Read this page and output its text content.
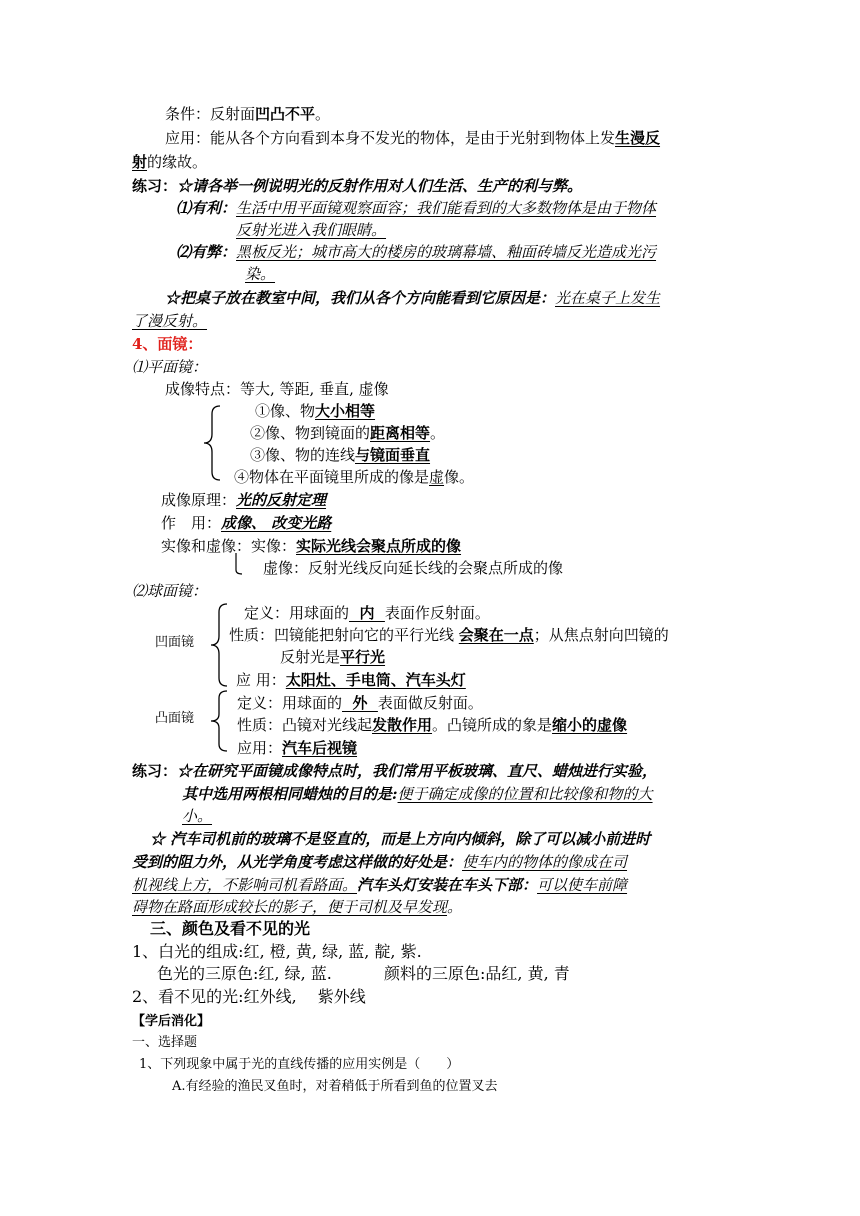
条件：反射面凹凸不平。
应用：能从各个方向看到本身不发光的物体，是由于光射到物体上发生漫反
射的缘故。
练习：☆请各举一例说明光的反射作用对人们生活、生产的利与弊。
⑴有利：生活中用平面镜观察面容；我们能看到的大多数物体是由于物体
反射光进入我们眼睛。
⑵有弊：黑板反光；城市高大的楼房的玻璃幕墙、釉面砖墙反光造成光污
染。
☆把桌子放在教室中间，我们从各个方向能看到它原因是：光在桌子上发生
了漫反射。
4、面镜：
⑴平面镜：
成像特点：等大, 等距, 垂直, 虚像
①像、物大小相等
②像、物到镜面的距离相等。
③像、物的连线与镜面垂直
④物体在平面镜里所成的像是虚像。
成像原理：光的反射定理
作　用：成像、 改变光路
实像和虚像：实像：实际光线会聚点所成的像
虚像：反射光线反向延长线的会聚点所成的像
⑵球面镜：
凹面镜
定义：用球面的  内  表面作反射面。
性质：凹镜能把射向它的平行光线 会聚在一点；从焦点射向凹镜的
反射光是平行光
应 用：太阳灶、手电筒、汽车头灯
凸面镜
定义：用球面的  外  表面做反射面。
性质：凸镜对光线起发散作用。凸镜所成的象是缩小的虚像
应用：汽车后视镜
练习：☆在研究平面镜成像特点时，我们常用平板玻璃、直尺、蜡烛进行实验，
其中选用两根相同蜡烛的目的是:便于确定成像的位置和比较像和物的大
小。
☆ 汽车司机前的玻璃不是竖直的，而是上方向内倾斜，除了可以减小前进时
受到的阻力外，从光学角度考虑这样做的好处是：使车内的物体的像成在司
机视线上方，不影响司机看路面。汽车头灯安装在车头下部：可以使车前障
碍物在路面形成较长的影子，便于司机及早发现。
三、颜色及看不见的光
1、白光的组成:红, 橙, 黄, 绿, 蓝, 靛, 紫.
色光的三原色:红, 绿, 蓝.	颜料的三原色:品红, 黄, 青
2、看不见的光:红外线,　 紫外线
【学后消化】
一、选择题
1、下列现象中属于光的直线传播的应用实例是（　　）
A.有经验的渔民叉鱼时，对着稍低于所看到鱼的位置叉去
